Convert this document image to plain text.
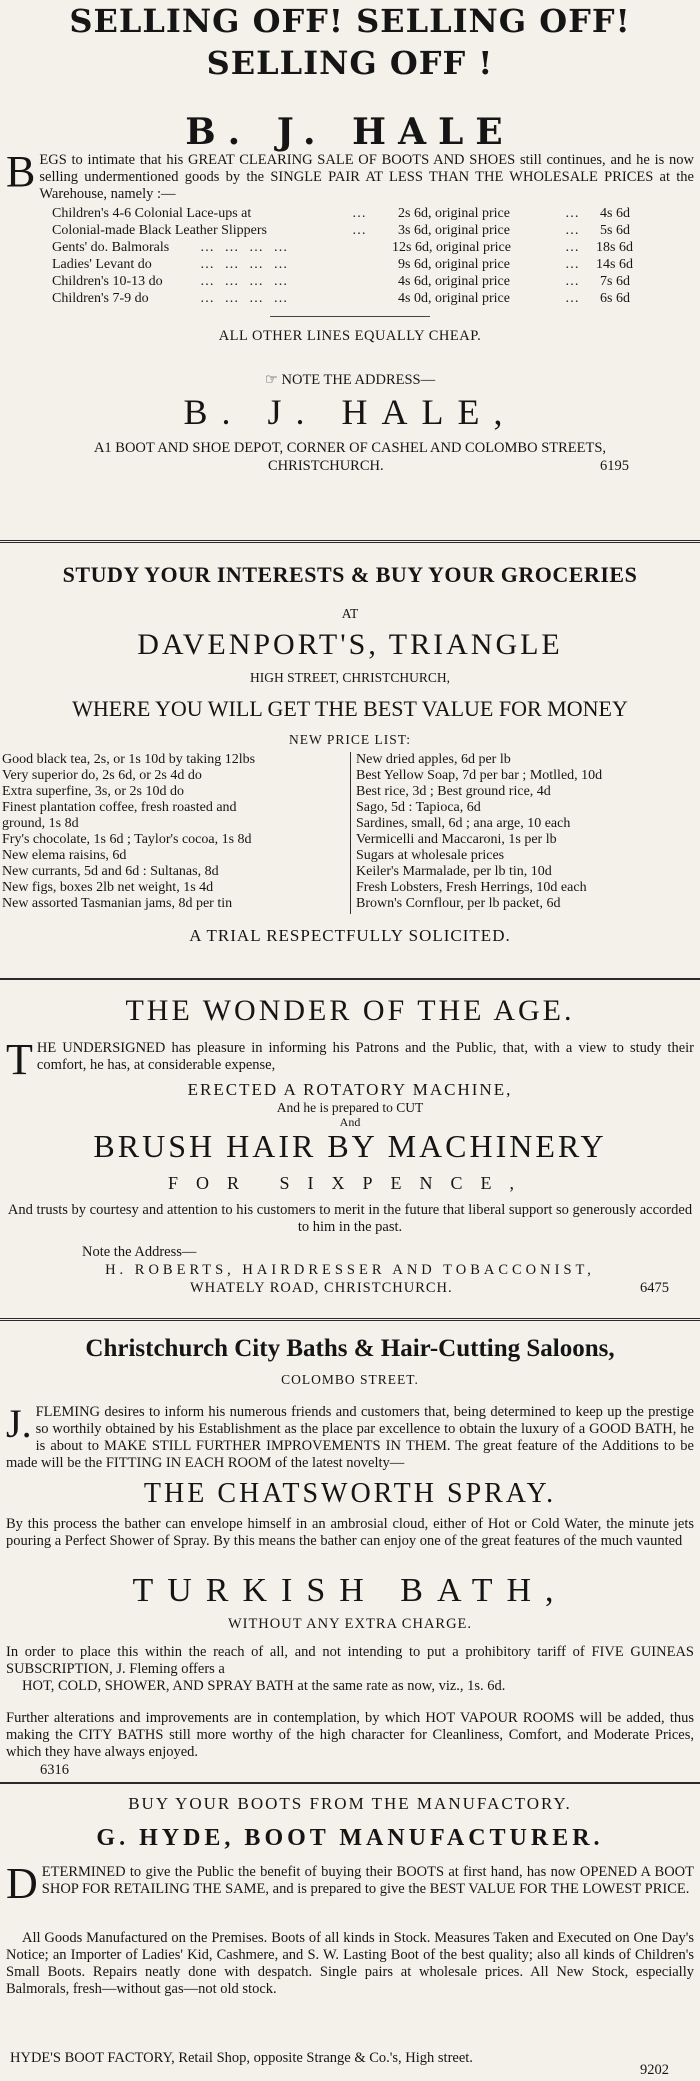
SELLING OFF! SELLING OFF!
SELLING OFF !
B. J. HALE
BEGS to intimate that his GREAT CLEARING SALE OF BOOTS AND SHOES still continues, and he is now selling undermentioned goods by the SINGLE PAIR AT LESS THAN THE WHOLESALE PRICES at the Warehouse, namely :—
Children's 4-6 Colonial Lace-ups at	… 2s 6d, original price	… 4s 6d
Colonial-made Black Leather Slippers	… 3s 6d, original price	… 5s 6d
Gents' do. Balmorals …   …   …   …	12s 6d, original price	… 18s 6d
Ladies' Levant do	…   …   …   …	9s 6d, original price	… 14s 6d
Children's 10-13 do	…   …   …   …	4s 6d, original price	… 7s 6d
Children's 7-9 do	…   …   …   …	4s 0d, original price	… 6s 6d
ALL OTHER LINES EQUALLY CHEAP.
☞ NOTE THE ADDRESS—
B. J. HALE,
A1 BOOT AND SHOE DEPOT, CORNER OF CASHEL AND COLOMBO STREETS,
CHRISTCHURCH.	6195
STUDY YOUR INTERESTS & BUY YOUR GROCERIES
AT
DAVENPORT'S, TRIANGLE
HIGH STREET, CHRISTCHURCH,
WHERE YOU WILL GET THE BEST VALUE FOR MONEY
NEW PRICE LIST:
Good black tea, 2s, or 1s 10d by taking 12lbs
Very superior do, 2s 6d, or 2s 4d do
Extra superfine, 3s, or 2s 10d do
Finest plantation coffee, fresh roasted and
ground, 1s 8d
Fry's chocolate, 1s 6d ; Taylor's cocoa, 1s 8d
New elema raisins, 6d
New currants, 5d and 6d : Sultanas, 8d
New figs, boxes 2lb net weight, 1s 4d
New assorted Tasmanian jams, 8d per tin
New dried apples, 6d per lb
Best Yellow Soap, 7d per bar ; Motlled, 10d
Best rice, 3d ; Best ground rice, 4d
Sago, 5d : Tapioca, 6d
Sardines, small, 6d ; ana arge, 10 each
Vermicelli and Maccaroni, 1s per lb
Sugars at wholesale prices
Keiler's Marmalade, per lb tin, 10d
Fresh Lobsters, Fresh Herrings, 10d each
Brown's Cornflour, per lb packet, 6d
A TRIAL RESPECTFULLY SOLICITED.
THE WONDER OF THE AGE.
THE UNDERSIGNED has pleasure in informing his Patrons and the Public, that, with a view to study their comfort, he has, at considerable expense,
ERECTED A ROTATORY MACHINE,
And he is prepared to CUT
And
BRUSH HAIR BY MACHINERY
FOR SIXPENCE,
And trusts by courtesy and attention to his customers to merit in the future that liberal support so generously accorded to him in the past.
Note the Address—
H. ROBERTS, HAIRDRESSER AND TOBACCONIST,
WHATELY ROAD, CHRISTCHURCH.	6475
Christchurch City Baths & Hair-Cutting Saloons,
COLOMBO STREET.
J. FLEMING desires to inform his numerous friends and customers that, being determined to keep up the prestige so worthily obtained by his Establishment as the place par excellence to obtain the luxury of a GOOD BATH, he is about to MAKE STILL FURTHER IMPROVEMENTS IN THEM. The great feature of the Additions to be made will be the FITTING IN EACH ROOM of the latest novelty—
THE CHATSWORTH SPRAY.
By this process the bather can envelope himself in an ambrosial cloud, either of Hot or Cold Water, the minute jets pouring a Perfect Shower of Spray. By this means the bather can enjoy one of the great features of the much vaunted
TURKISH BATH,
WITHOUT ANY EXTRA CHARGE.
In order to place this within the reach of all, and not intending to put a prohibitory tariff of FIVE GUINEAS SUBSCRIPTION, J. Fleming offers a
HOT, COLD, SHOWER, AND SPRAY BATH at the same rate as now, viz., 1s. 6d.
Further alterations and improvements are in contemplation, by which HOT VAPOUR ROOMS will be added, thus making the CITY BATHS still more worthy of the high character for Cleanliness, Comfort, and Moderate Prices, which they have always enjoyed.
6316
BUY YOUR BOOTS FROM THE MANUFACTORY.
G. HYDE, BOOT MANUFACTURER.
DETERMINED to give the Public the benefit of buying their BOOTS at first hand, has now OPENED A BOOT SHOP FOR RETAILING THE SAME, and is prepared to give the BEST VALUE FOR THE LOWEST PRICE.
All Goods Manufactured on the Premises. Boots of all kinds in Stock. Measures Taken and Executed on One Day's Notice; an Importer of Ladies' Kid, Cashmere, and S. W. Lasting Boot of the best quality; also all kinds of Children's Small Boots. Repairs neatly done with despatch. Single pairs at wholesale prices. All New Stock, especially Balmorals, fresh—without gas—not old stock.
HYDE'S BOOT FACTORY, Retail Shop, opposite Strange & Co.'s, High street.
9202
